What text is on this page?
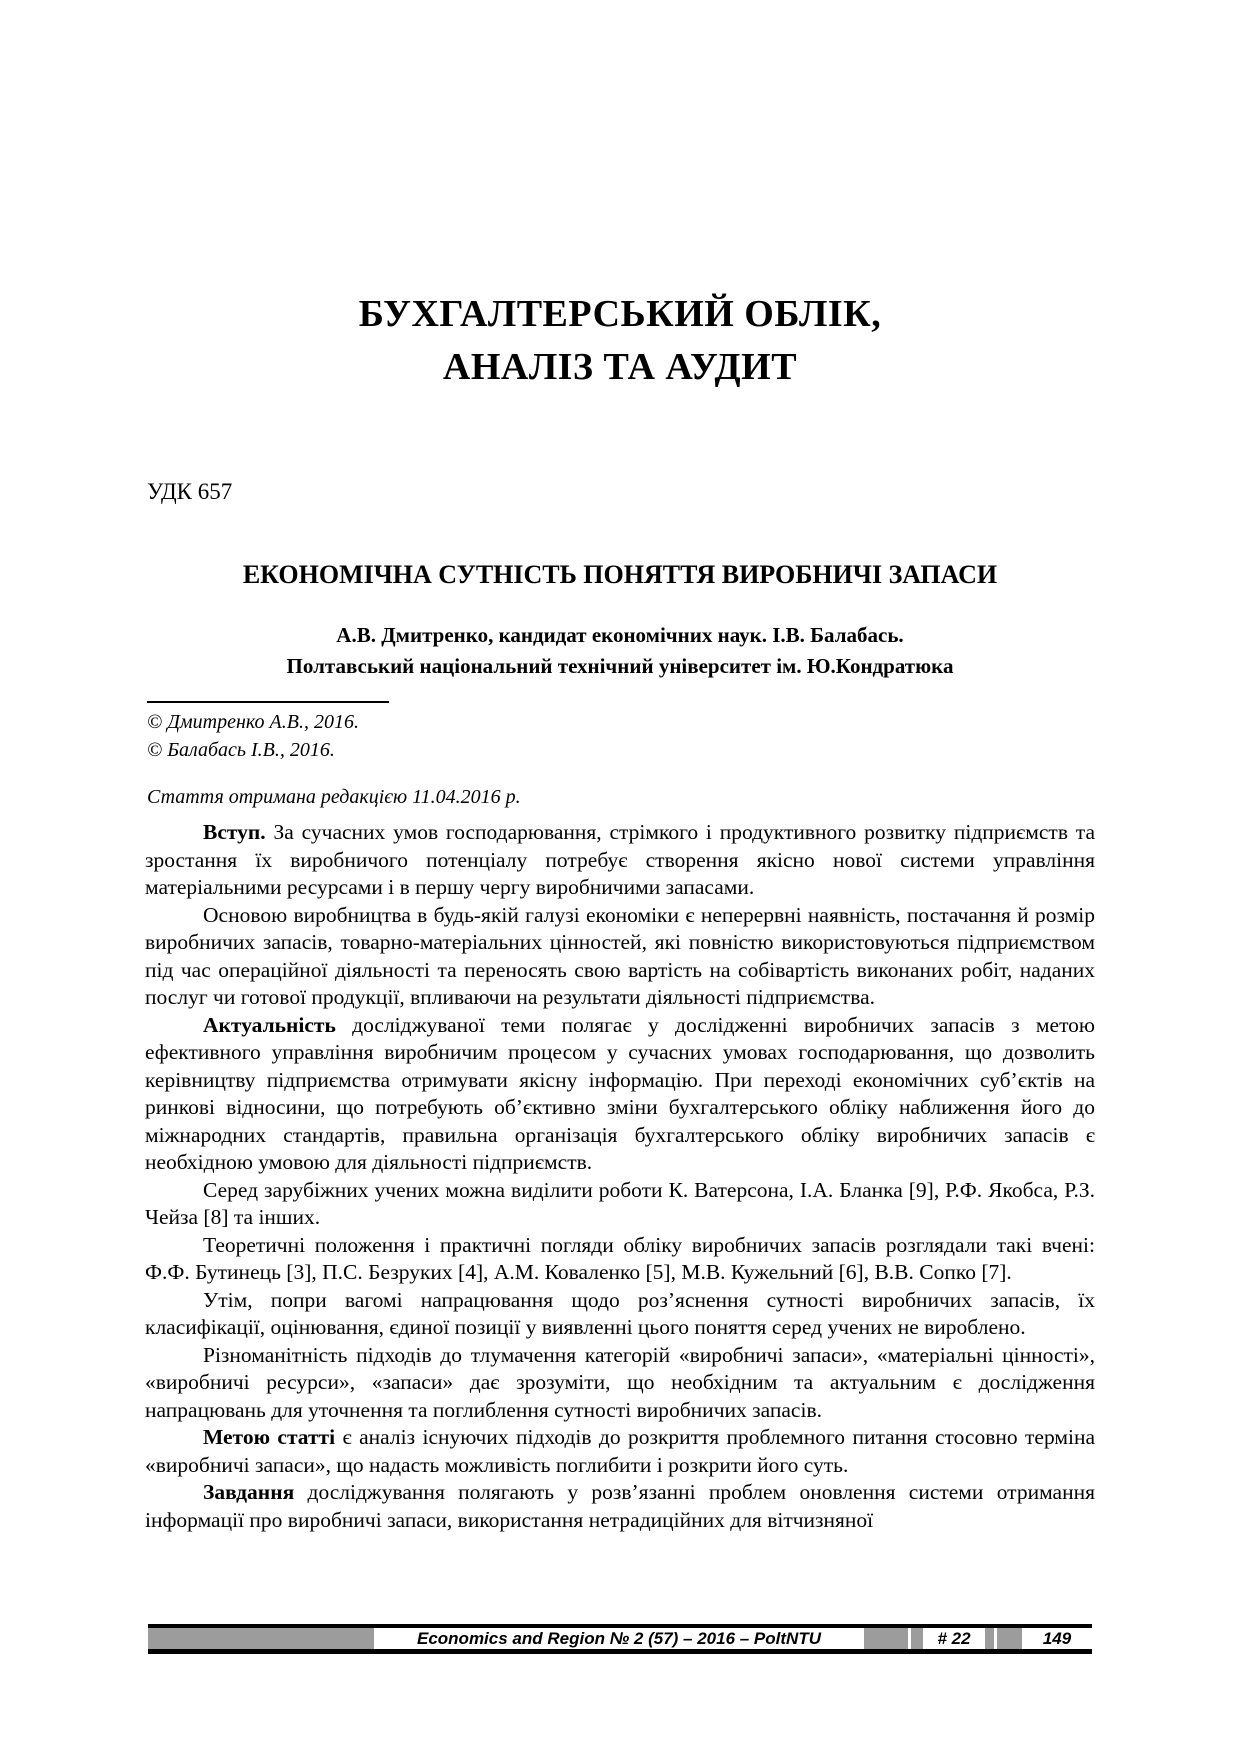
БУХГАЛТЕРСЬКИЙ ОБЛІК,
АНАЛІЗ ТА АУДИТ
УДК 657
ЕКОНОМІЧНА СУТНІСТЬ ПОНЯТТЯ ВИРОБНИЧІ ЗАПАСИ
А.В. Дмитренко, кандидат економічних наук. І.В. Балабась.
Полтавський національний технічний університет ім. Ю.Кондратюка
© Дмитренко А.В., 2016.
© Балабась І.В., 2016.
Стаття отримана редакцією 11.04.2016 р.

Вступ. За сучасних умов господарювання, стрімкого і продуктивного розвитку підприємств та зростання їх виробничого потенціалу потребує створення якісно нової системи управління матеріальними ресурсами і в першу чергу виробничими запасами.

Основою виробництва в будь-якій галузі економіки є неперервні наявність, постачання й розмір виробничих запасів, товарно-матеріальних цінностей, які повністю використовуються підприємством під час операційної діяльності та переносять свою вартість на собівартість виконаних робіт, наданих послуг чи готової продукції, впливаючи на результати діяльності підприємства.

Актуальність досліджуваної теми полягає у дослідженні виробничих запасів з метою ефективного управління виробничим процесом у сучасних умовах господарювання, що дозволить керівництву підприємства отримувати якісну інформацію. При переході економічних суб’єктів на ринкові відносини, що потребують об’єктивно зміни бухгалтерського обліку наближення його до міжнародних стандартів, правильна організація бухгалтерського обліку виробничих запасів є необхідною умовою для діяльності підприємств.

Серед зарубіжних учених можна виділити роботи К. Ватерсона, І.А. Бланка [9], Р.Ф. Якобса, Р.З. Чейза [8] та інших.

Теоретичні положення і практичні погляди обліку виробничих запасів розглядали такі вчені: Ф.Ф. Бутинець [3], П.С. Безруких [4], А.М. Коваленко [5], М.В. Кужельний [6], В.В. Сопко [7].

Утім, попри вагомі напрацювання щодо роз’яснення сутності виробничих запасів, їх класифікації, оцінювання, єдиної позиції у виявленні цього поняття серед учених не вироблено.

Різноманітність підходів до тлумачення категорій «виробничі запаси», «матеріальні цінності», «виробничі ресурси», «запаси» дає зрозуміти, що необхідним та актуальним є дослідження напрацювань для уточнення та поглиблення сутності виробничих запасів.

Метою статті є аналіз існуючих підходів до розкриття проблемного питання стосовно терміна «виробничі запаси», що надасть можливість поглибити і розкрити його суть.

Завдання досліджування полягають у розв’язанні проблем оновлення системи отримання інформації про виробничі запаси, використання нетрадиційних для вітчизняної

Economics and Region № 2 (57) – 2016 – PoltNTU	# 22	149
